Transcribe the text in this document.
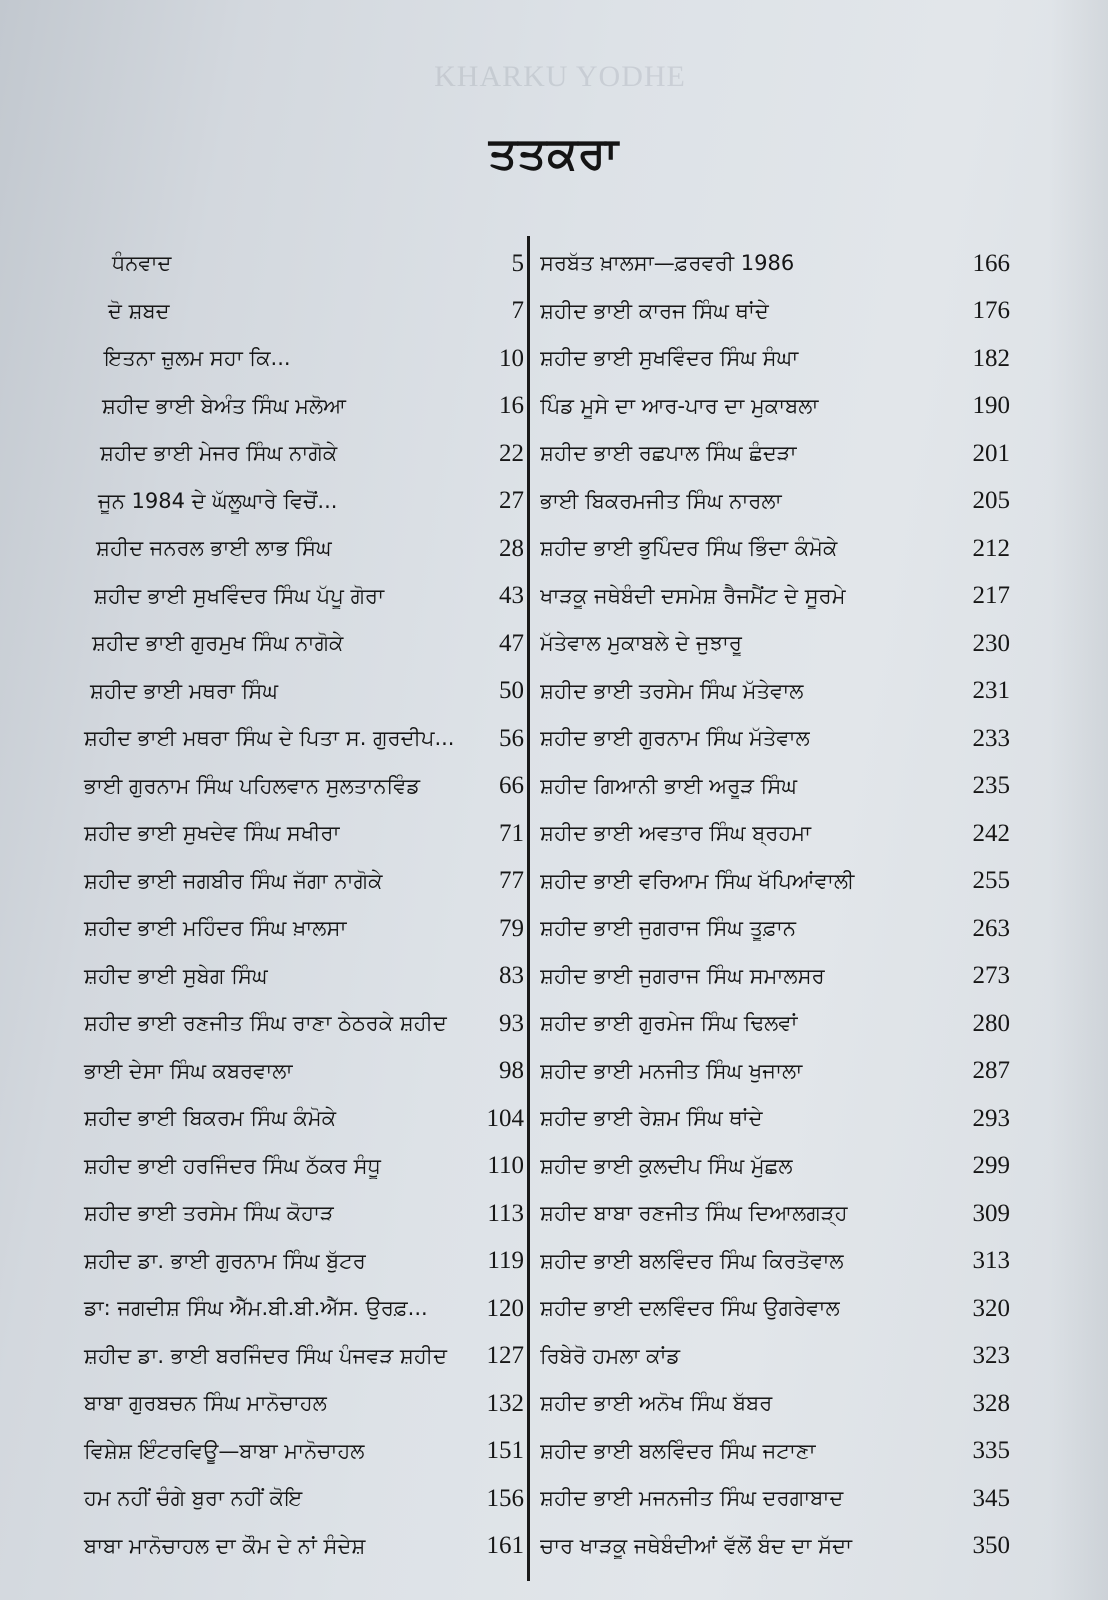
KHARKU YODHE
ਤਤਕਰਾ
ਧੰਨਵਾਦ	5
ਦੋ ਸ਼ਬਦ	7
ਇਤਨਾ ਜ਼ੁਲਮ ਸਹਾ ਕਿ...	10
ਸ਼ਹੀਦ ਭਾਈ ਬੇਅੰਤ ਸਿੰਘ ਮਲੋਆ	16
ਸ਼ਹੀਦ ਭਾਈ ਮੇਜਰ ਸਿੰਘ ਨਾਗੋਕੇ	22
ਜੂਨ 1984 ਦੇ ਘੱਲੂਘਾਰੇ ਵਿਚੋਂ...	27
ਸ਼ਹੀਦ ਜਨਰਲ ਭਾਈ ਲਾਭ ਸਿੰਘ	28
ਸ਼ਹੀਦ ਭਾਈ ਸੁਖਵਿੰਦਰ ਸਿੰਘ ਪੱਪੂ ਗੋਰਾ	43
ਸ਼ਹੀਦ ਭਾਈ ਗੁਰਮੁਖ ਸਿੰਘ ਨਾਗੋਕੇ	47
ਸ਼ਹੀਦ ਭਾਈ ਮਥਰਾ ਸਿੰਘ	50
ਸ਼ਹੀਦ ਭਾਈ ਮਥਰਾ ਸਿੰਘ ਦੇ ਪਿਤਾ ਸ. ਗੁਰਦੀਪ...	56
ਭਾਈ ਗੁਰਨਾਮ ਸਿੰਘ ਪਹਿਲਵਾਨ ਸੁਲਤਾਨਵਿੰਡ	66
ਸ਼ਹੀਦ ਭਾਈ ਸੁਖਦੇਵ ਸਿੰਘ ਸਖੀਰਾ	71
ਸ਼ਹੀਦ ਭਾਈ ਜਗਬੀਰ ਸਿੰਘ ਜੱਗਾ ਨਾਗੋਕੇ	77
ਸ਼ਹੀਦ ਭਾਈ ਮਹਿੰਦਰ ਸਿੰਘ ਖ਼ਾਲਸਾ	79
ਸ਼ਹੀਦ ਭਾਈ ਸੁਬੇਗ ਸਿੰਘ	83
ਸ਼ਹੀਦ ਭਾਈ ਰਣਜੀਤ ਸਿੰਘ ਰਾਣਾ ਠੇਠਰਕੇ ਸ਼ਹੀਦ	93
ਭਾਈ ਦੇਸਾ ਸਿੰਘ ਕਬਰਵਾਲਾ	98
ਸ਼ਹੀਦ ਭਾਈ ਬਿਕਰਮ ਸਿੰਘ ਕੰਮੋਕੇ	104
ਸ਼ਹੀਦ ਭਾਈ ਹਰਜਿੰਦਰ ਸਿੰਘ ਠੱਕਰ ਸੰਧੂ	110
ਸ਼ਹੀਦ ਭਾਈ ਤਰਸੇਮ ਸਿੰਘ ਕੋਹਾੜ	113
ਸ਼ਹੀਦ ਡਾ. ਭਾਈ ਗੁਰਨਾਮ ਸਿੰਘ ਬੁੱਟਰ	119
ਡਾ: ਜਗਦੀਸ਼ ਸਿੰਘ ਐੱਮ.ਬੀ.ਬੀ.ਐੱਸ. ਉਰਫ਼...	120
ਸ਼ਹੀਦ ਡਾ. ਭਾਈ ਬਰਜਿੰਦਰ ਸਿੰਘ ਪੰਜਵੜ ਸ਼ਹੀਦ	127
ਬਾਬਾ ਗੁਰਬਚਨ ਸਿੰਘ ਮਾਨੋਚਾਹਲ	132
ਵਿਸ਼ੇਸ਼ ਇੰਟਰਵਿਊ—ਬਾਬਾ ਮਾਨੋਚਾਹਲ	151
ਹਮ ਨਹੀਂ ਚੰਗੇ ਬੁਰਾ ਨਹੀਂ ਕੋਇ	156
ਬਾਬਾ ਮਾਨੋਚਾਹਲ ਦਾ ਕੌਮ ਦੇ ਨਾਂ ਸੰਦੇਸ਼	161
ਸਰਬੱਤ ਖ਼ਾਲਸਾ—ਫ਼ਰਵਰੀ 1986	166
ਸ਼ਹੀਦ ਭਾਈ ਕਾਰਜ ਸਿੰਘ ਥਾਂਦੇ	176
ਸ਼ਹੀਦ ਭਾਈ ਸੁਖਵਿੰਦਰ ਸਿੰਘ ਸੰਘਾ	182
ਪਿੰਡ ਮੂਸੇ ਦਾ ਆਰ-ਪਾਰ ਦਾ ਮੁਕਾਬਲਾ	190
ਸ਼ਹੀਦ ਭਾਈ ਰਛਪਾਲ ਸਿੰਘ ਛੰਦੜਾ	201
ਭਾਈ ਬਿਕਰਮਜੀਤ ਸਿੰਘ ਨਾਰਲਾ	205
ਸ਼ਹੀਦ ਭਾਈ ਭੁਪਿੰਦਰ ਸਿੰਘ ਭਿੰਦਾ ਕੰਮੋਕੇ	212
ਖਾੜਕੂ ਜਥੇਬੰਦੀ ਦਸਮੇਸ਼ ਰੈਜਮੈਂਟ ਦੇ ਸੂਰਮੇ	217
ਮੱਤੇਵਾਲ ਮੁਕਾਬਲੇ ਦੇ ਜੁਝਾਰੂ	230
ਸ਼ਹੀਦ ਭਾਈ ਤਰਸੇਮ ਸਿੰਘ ਮੱਤੇਵਾਲ	231
ਸ਼ਹੀਦ ਭਾਈ ਗੁਰਨਾਮ ਸਿੰਘ ਮੱਤੇਵਾਲ	233
ਸ਼ਹੀਦ ਗਿਆਨੀ ਭਾਈ ਅਰੂੜ ਸਿੰਘ	235
ਸ਼ਹੀਦ ਭਾਈ ਅਵਤਾਰ ਸਿੰਘ ਬ੍ਰਹਮਾ	242
ਸ਼ਹੀਦ ਭਾਈ ਵਰਿਆਮ ਸਿੰਘ ਖੱਪਿਆਂਵਾਲੀ	255
ਸ਼ਹੀਦ ਭਾਈ ਜੁਗਰਾਜ ਸਿੰਘ ਤੂਫ਼ਾਨ	263
ਸ਼ਹੀਦ ਭਾਈ ਜੁਗਰਾਜ ਸਿੰਘ ਸਮਾਲਸਰ	273
ਸ਼ਹੀਦ ਭਾਈ ਗੁਰਮੇਜ ਸਿੰਘ ਢਿਲਵਾਂ	280
ਸ਼ਹੀਦ ਭਾਈ ਮਨਜੀਤ ਸਿੰਘ ਖੁਜਾਲਾ	287
ਸ਼ਹੀਦ ਭਾਈ ਰੇਸ਼ਮ ਸਿੰਘ ਥਾਂਦੇ	293
ਸ਼ਹੀਦ ਭਾਈ ਕੁਲਦੀਪ ਸਿੰਘ ਮੁੱਛਲ	299
ਸ਼ਹੀਦ ਬਾਬਾ ਰਣਜੀਤ ਸਿੰਘ ਦਿਆਲਗੜ੍ਹ	309
ਸ਼ਹੀਦ ਭਾਈ ਬਲਵਿੰਦਰ ਸਿੰਘ ਕਿਰਤੋਵਾਲ	313
ਸ਼ਹੀਦ ਭਾਈ ਦਲਵਿੰਦਰ ਸਿੰਘ ਉਗਰੇਵਾਲ	320
ਰਿਬੇਰੋ ਹਮਲਾ ਕਾਂਡ	323
ਸ਼ਹੀਦ ਭਾਈ ਅਨੋਖ ਸਿੰਘ ਬੱਬਰ	328
ਸ਼ਹੀਦ ਭਾਈ ਬਲਵਿੰਦਰ ਸਿੰਘ ਜਟਾਣਾ	335
ਸ਼ਹੀਦ ਭਾਈ ਮਜਨਜੀਤ ਸਿੰਘ ਦਰਗਾਬਾਦ	345
ਚਾਰ ਖਾੜਕੂ ਜਥੇਬੰਦੀਆਂ ਵੱਲੋਂ ਬੰਦ ਦਾ ਸੱਦਾ	350
